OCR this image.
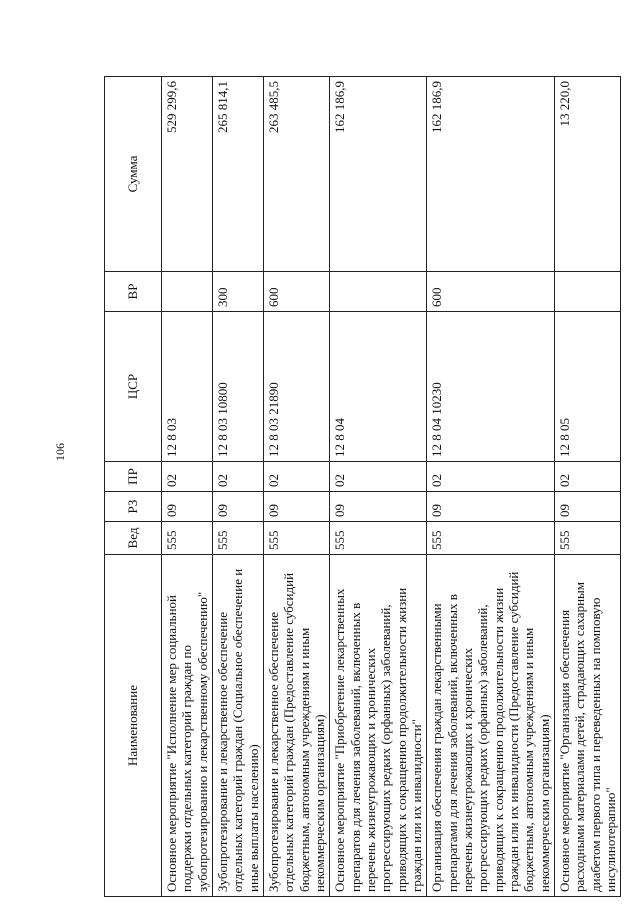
106
Наименование	Вед	РЗ	ПР	ЦСР	ВР	Сумма
Основное мероприятие "Исполнение мер социальной поддержки отдельных категорий граждан по зубопротезированию и лекарственному обеспечению"	555	09	02	12 8 03		529 299,6
Зубопротезирование и лекарственное обеспечение отдельных категорий граждан (Социальное обеспечение и иные выплаты населению)	555	09	02	12 8 03 10800	300	265 814,1
Зубопротезирование и лекарственное обеспечение отдельных категорий граждан (Предоставление субсидий бюджетным, автономным учреждениям и иным некоммерческим организациям)	555	09	02	12 8 03 21890	600	263 485,5
Основное мероприятие "Приобретение лекарственных препаратов для лечения заболеваний, включенных в перечень жизнеугрожающих и хронических прогрессирующих редких (орфанных) заболеваний, приводящих к сокращению продолжительности жизни граждан или их инвалидности"	555	09	02	12 8 04		162 186,9
Организация обеспечения граждан лекарственными препаратами для лечения заболеваний, включенных в перечень жизнеугрожающих и хронических прогрессирующих редких (орфанных) заболеваний, приводящих к сокращению продолжительности жизни граждан или их инвалидности (Предоставление субсидий бюджетным, автономным учреждениям и иным некоммерческим организациям)	555	09	02	12 8 04 10230	600	162 186,9
Основное мероприятие "Организация обеспечения расходными материалами детей, страдающих сахарным диабетом первого типа и переведенных на помповую инсулинотерапию"	555	09	02	12 8 05		13 220,0
